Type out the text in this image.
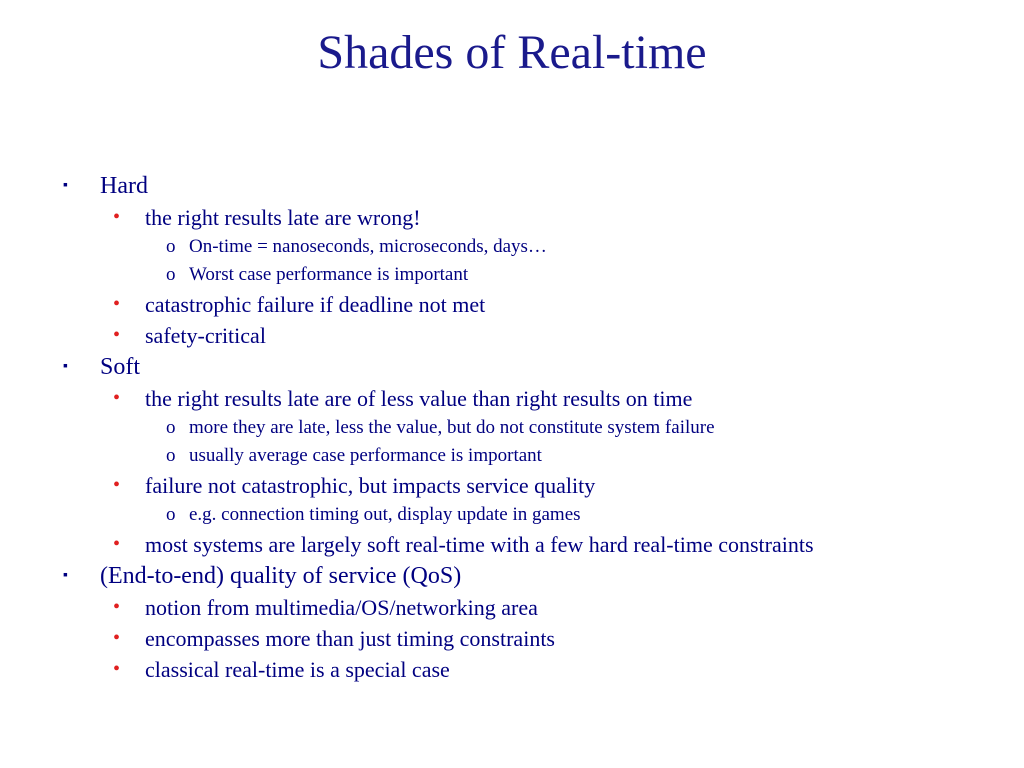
Shades of Real-time
▪ Hard
• the right results late are wrong!
o On-time = nanoseconds, microseconds, days…
o Worst case performance is important
• catastrophic failure if deadline not met
• safety-critical
▪ Soft
• the right results late are of less value than right results on time
o more they are late, less the value, but do not constitute system failure
o usually average case performance is important
• failure not catastrophic, but impacts service quality
o e.g. connection timing out, display update in games
• most systems are largely soft real-time with a few hard real-time constraints
▪ (End-to-end) quality of service (QoS)
• notion from multimedia/OS/networking area
• encompasses more than just timing constraints
• classical real-time is a special case
